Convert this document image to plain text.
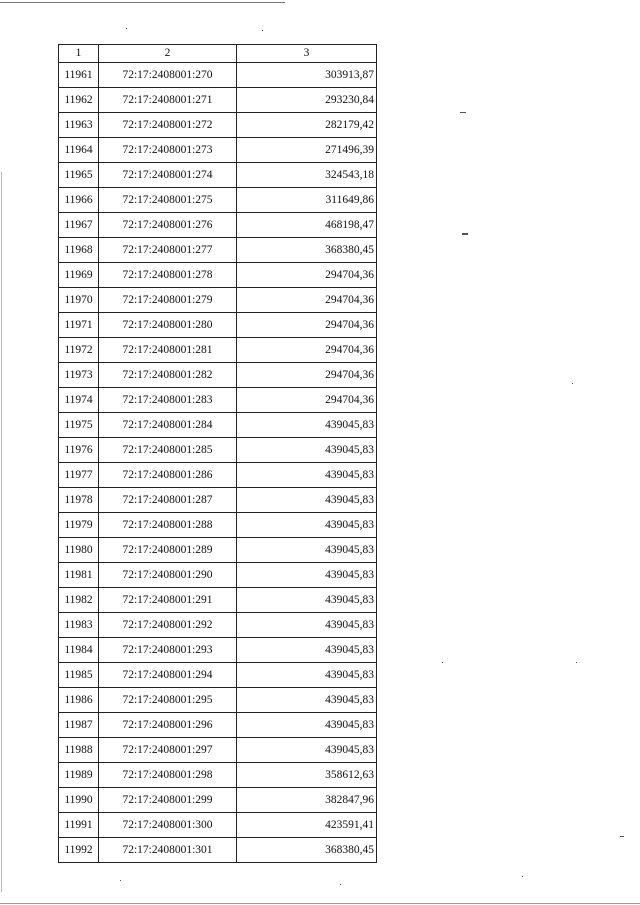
1	2	3
11961	72:17:2408001:270	303913,87
11962	72:17:2408001:271	293230,84
11963	72:17:2408001:272	282179,42
11964	72:17:2408001:273	271496,39
11965	72:17:2408001:274	324543,18
11966	72:17:2408001:275	311649,86
11967	72:17:2408001:276	468198,47
11968	72:17:2408001:277	368380,45
11969	72:17:2408001:278	294704,36
11970	72:17:2408001:279	294704,36
11971	72:17:2408001:280	294704,36
11972	72:17:2408001:281	294704,36
11973	72:17:2408001:282	294704,36
11974	72:17:2408001:283	294704,36
11975	72:17:2408001:284	439045,83
11976	72:17:2408001:285	439045,83
11977	72:17:2408001:286	439045,83
11978	72:17:2408001:287	439045,83
11979	72:17:2408001:288	439045,83
11980	72:17:2408001:289	439045,83
11981	72:17:2408001:290	439045,83
11982	72:17:2408001:291	439045,83
11983	72:17:2408001:292	439045,83
11984	72:17:2408001:293	439045,83
11985	72:17:2408001:294	439045,83
11986	72:17:2408001:295	439045,83
11987	72:17:2408001:296	439045,83
11988	72:17:2408001:297	439045,83
11989	72:17:2408001:298	358612,63
11990	72:17:2408001:299	382847,96
11991	72:17:2408001:300	423591,41
11992	72:17:2408001:301	368380,45
